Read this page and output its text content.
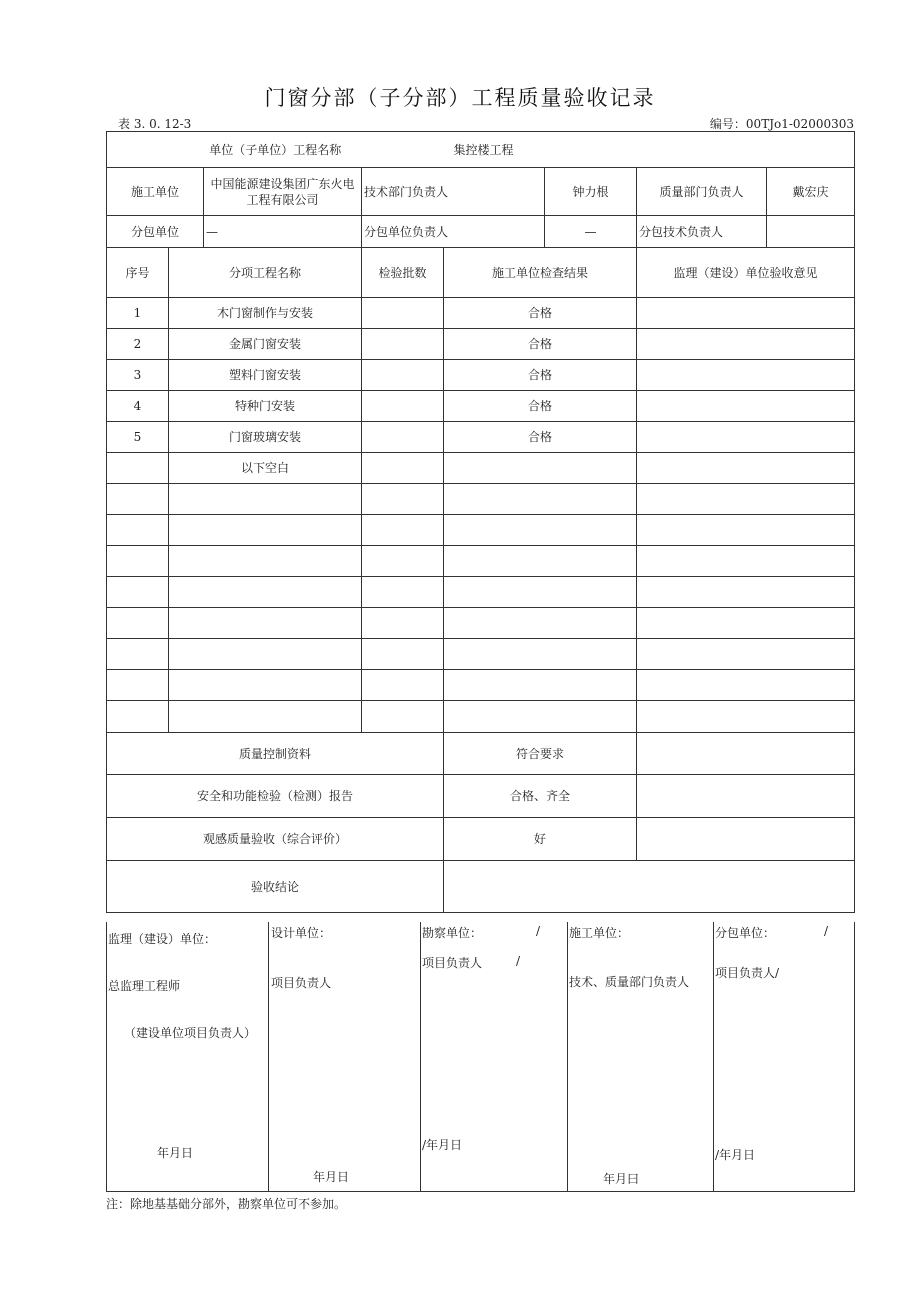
门窗分部（子分部）工程质量验收记录
表 3. 0. 12-3	编号：00TJo1-02000303
单位（子单位）工程名称				集控楼工程			
施工单位		中国能源建设集团广东火电工程有限公司	技术部门负责人		钟力根	质量部门负责人	戴宏庆
分包单位		—	分包单位负责人		—	分包技术负责人	
序号	分项工程名称		检验批数	施工单位检查结果		监理（建设）单位验收意见	
1	木门窗制作与安装			合格			
2	金属门窗安装			合格			
3	塑料门窗安装			合格			
4	特种门安装			合格			
5	门窗玻璃安装			合格			
	以下空白						

质量控制资料				符合要求			
安全和功能检验（检测）报告				合格、齐全			
观感质量验收（综合评价）				好			
验收结论							
监理（建设）单位：
总监理工程师
（建设单位项目负责人）
年月日

设计单位：
项目负责人
年月日

勘察单位：	/
项目负责人	/
/年月日

施工单位：
技术、质量部门负责人
年月曰

分包单位：	/
项目负责人/
/年月日
注：除地基基础分部外，勘察单位可不参加。
